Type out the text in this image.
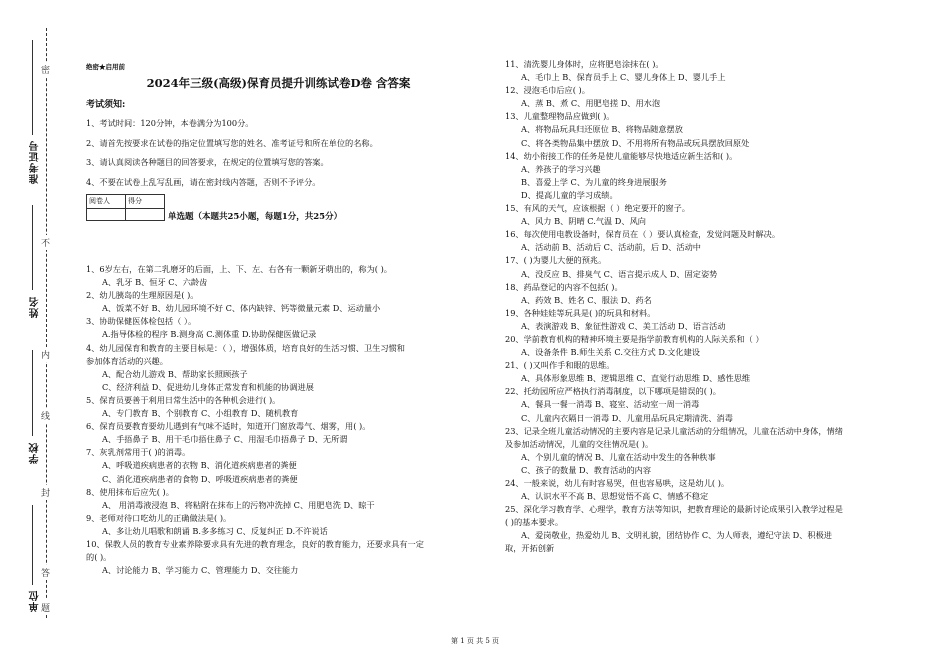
准考证号
姓名
学校
单位 题
答
不
内
线
封
密	绝密★启用前
2024年三级(高级)保育员提升训练试卷D卷 含答案
考试须知:
1、考试时间：120分钟，本卷满分为100分。
2、请首先按要求在试卷的指定位置填写您的姓名、准考证号和所在单位的名称。
3、请认真阅读各种题目的回答要求，在规定的位置填写您的答案。
4、不要在试卷上乱写乱画，请在密封线内答题，否则不予评分。
阅卷人	得分

单选题（本题共25小题，每题1分，共25分）
1、6岁左右，在第二乳磨牙的后面，上、下、左、右各有一颗新牙萌出的，称为( )。
A、乳牙 B、恒牙 C、六龄齿
2、幼儿胰岛的生理原因是( )。
A、饭菜不好 B、幼儿园环境不好 C、体内缺锌、钙等微量元素 D、运动量小
3、协助保健医体检包括（ ）。
A.指导体检的程序 B.测身高 C.测体重 D.协助保健医做记录
4、幼儿园保育和教育的主要目标是：（ ），增强体质，培育良好的生活习惯、卫生习惯和
参加体育活动的兴趣。
A、配合幼儿游戏 B、帮助家长照顾孩子
C、经济利益 D、促进幼儿身体正常发育和机能的协调进展
5、保育员要善于利用日常生活中的各种机会进行( )。
A、专门教育 B、个别教育 C、小组教育 D、随机教育
6、保育员要教育要幼儿遇到有气味不适时，知道开门窗放毒气、烟雾，用( )。
A、手捂鼻子 B、用干毛巾捂住鼻子 C、用湿毛巾捂鼻子 D、无所谓
7、灰乳剂常用于( )的消毒。
A、呼吸道疾病患者的衣物 B、消化道疾病患者的粪便
C、消化道疾病患者的食物 D、呼吸道疾病患者的粪便
8、使用抹布后应先( )。
A、 用消毒液浸泡 B、将粘附在抹布上的污物冲洗掉 C、用肥皂洗 D、晾干
9、老师对待口吃幼儿的正确做法是( )。
A、多让幼儿唱歌和朗诵 B.多多练习 C、反复纠正 D.不许说话
10、保教人员的教育专业素养除要求具有先进的教育理念，良好的教育能力，还要求具有一定
的( )。
A、讨论能力 B、学习能力 C、管理能力 D、交往能力
11、清洗婴儿身体时，应将肥皂涂抹在( )。
A、毛巾上 B、保育员手上 C、婴儿身体上 D、婴儿手上
12、浸泡毛巾后应( )。
A、蒸 B、煮 C、用肥皂搓 D、用水泡
13、儿童整理物品应做到( )。
A、将物品玩具归还原位 B、将物品随意摆放
C、将各类物品集中摆放 D、不用将所有物品或玩具摆放回原处
14、幼小衔接工作的任务是使儿童能够尽快地适应新生活和( )。
A、养孩子的学习兴趣
B、喜爱上学 C、为儿童的终身进展服务
D、提高儿童的学习成绩。
15、有风的天气，应该根据（ ）绝定要开的窗子。
A、风力 B、阴晴 C.气温 D、风向
16、每次使用电教设备时，保育员在（ ）要认真检查，发觉问题及时解决。
A、活动前 B、活动后 C、活动前，后 D、活动中
17、( )为婴儿大便的预兆。
A、没反应 B、排臭气 C、语言提示成人 D、固定姿势
18、药品登记的内容不包括( )。
A、药效 B、姓名 C、服法 D、药名
19、各种娃娃等玩具是( )的玩具和材料。
A、表演游戏 B、象征性游戏 C、美工活动 D、语言活动
20、学前教育机构的精神环境主要是指学前教育机构的人际关系和（ ）
A、设备条件 B.师生关系 C.交往方式 D.文化建设
21、( )又叫作手和眼的思维。
A、具体形象思维 B、逻辑思维 C、直觉行动思维 D、感性思维
22、托幼园所应严格执行消毒制度，以下哪项是错误的( )。
A、餐具一餐一消毒 B、寝室、活动室一周一消毒
C、儿童内衣隔日一消毒 D、儿童用品玩具定期清洗、消毒
23、记录全班儿童活动情况的主要内容是记录儿童活动的分组情况，儿童在活动中身体，情绪
及参加活动情况，儿童的交往情况是( )。
A、个别儿童的情况 B、儿童在活动中发生的各种秩事
C、孩子的数量 D、教育活动的内容
24、一般来说，幼儿有时容易哭，但也容易哄，这是幼儿( )。
A、认识水平不高 B、思想觉悟不高 C、情感不稳定
25、深化学习教育学、心理学，教育方法等知识，把教育理论的最新讨论成果引入教学过程是
( )的基本要求。
A、爱岗敬业，热爱幼儿 B、文明礼貌，团结协作 C、为人师表，遵纪守法 D、积极进
取，开拓创新
第 1 页 共 5 页
